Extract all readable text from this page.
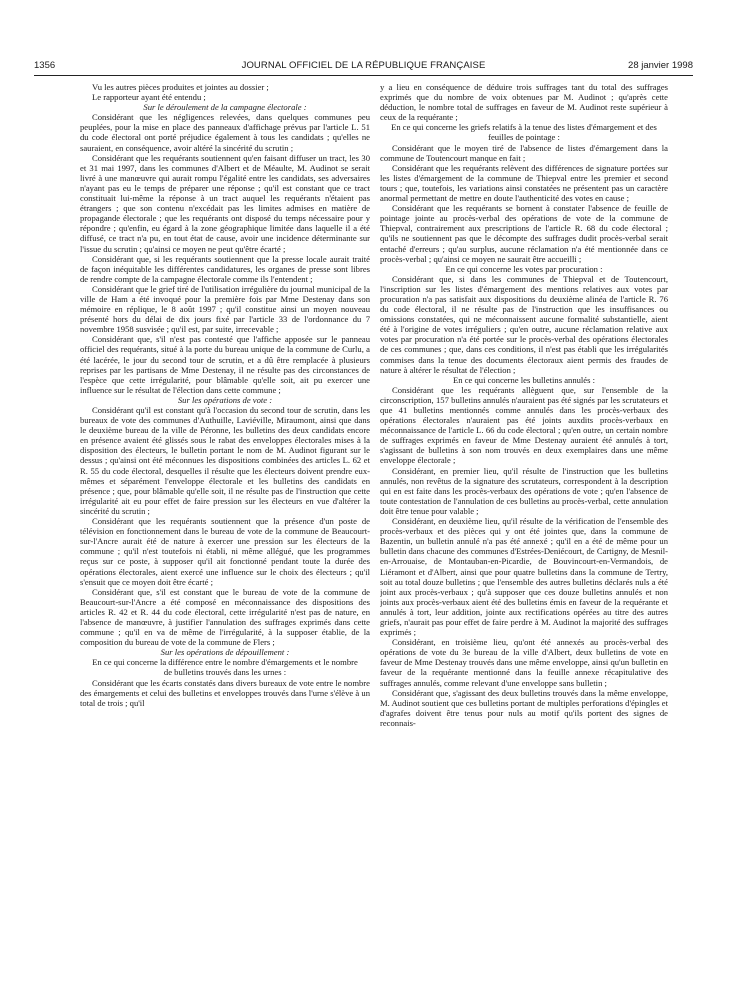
1356	JOURNAL OFFICIEL DE LA RÉPUBLIQUE FRANÇAISE	28 janvier 1998

Vu les autres pièces produites et jointes au dossier ;

Le rapporteur ayant été entendu ;

Sur le déroulement de la campagne électorale :

Considérant que les négligences relevées, dans quelques communes peu peuplées, pour la mise en place des panneaux d'affichage prévus par l'article L. 51 du code électoral ont porté préjudice également à tous les candidats ; qu'elles ne sauraient, en conséquence, avoir altéré la sincérité du scrutin ;

Considérant que les requérants soutiennent qu'en faisant diffuser un tract, les 30 et 31 mai 1997, dans les communes d'Albert et de Méaulte, M. Audinot se serait livré à une manœuvre qui aurait rompu l'égalité entre les candidats, ses adversaires n'ayant pas eu le temps de préparer une réponse ; qu'il est constant que ce tract constituait lui-même la réponse à un tract auquel les requérants n'étaient pas étrangers ; que son contenu n'excédait pas les limites admises en matière de propagande électorale ; que les requérants ont disposé du temps nécessaire pour y répondre ; qu'enfin, eu égard à la zone géographique limitée dans laquelle il a été diffusé, ce tract n'a pu, en tout état de cause, avoir une incidence déterminante sur l'issue du scrutin ; qu'ainsi ce moyen ne peut qu'être écarté ;

Considérant que, si les requérants soutiennent que la presse locale aurait traité de façon inéquitable les différentes candidatures, les organes de presse sont libres de rendre compte de la campagne électorale comme ils l'entendent ;

Considérant que le grief tiré de l'utilisation irrégulière du journal municipal de la ville de Ham a été invoqué pour la première fois par Mme Destenay dans son mémoire en réplique, le 8 août 1997 ; qu'il constitue ainsi un moyen nouveau présenté hors du délai de dix jours fixé par l'article 33 de l'ordonnance du 7 novembre 1958 susvisée ; qu'il est, par suite, irrecevable ;

Considérant que, s'il n'est pas contesté que l'affiche apposée sur le panneau officiel des requérants, situé à la porte du bureau unique de la commune de Curlu, a été lacérée, le jour du second tour de scrutin, et a dû être remplacée à plusieurs reprises par les partisans de Mme Destenay, il ne résulte pas des circonstances de l'espèce que cette irrégularité, pour blâmable qu'elle soit, ait pu exercer une influence sur le résultat de l'élection dans cette commune ;

Sur les opérations de vote :

Considérant qu'il est constant qu'à l'occasion du second tour de scrutin, dans les bureaux de vote des communes d'Authuille, Laviéville, Miraumont, ainsi que dans le deuxième bureau de la ville de Péronne, les bulletins des deux candidats encore en présence avaient été glissés sous le rabat des enveloppes électorales mises à la disposition des électeurs, le bulletin portant le nom de M. Audinot figurant sur le dessus ; qu'ainsi ont été méconnues les dispositions combinées des articles L. 62 et R. 55 du code électoral, desquelles il résulte que les électeurs doivent prendre eux-mêmes et séparément l'enveloppe électorale et les bulletins des candidats en présence ; que, pour blâmable qu'elle soit, il ne résulte pas de l'instruction que cette irrégularité ait eu pour effet de faire pression sur les électeurs en vue d'altérer la sincérité du scrutin ;

Considérant que les requérants soutiennent que la présence d'un poste de télévision en fonctionnement dans le bureau de vote de la commune de Beaucourt-sur-l'Ancre aurait été de nature à exercer une pression sur les électeurs de la commune ; qu'il n'est toutefois ni établi, ni même allégué, que les programmes reçus sur ce poste, à supposer qu'il ait fonctionné pendant toute la durée des opérations électorales, aient exercé une influence sur le choix des électeurs ; qu'il s'ensuit que ce moyen doit être écarté ;

Considérant que, s'il est constant que le bureau de vote de la commune de Beaucourt-sur-l'Ancre a été composé en méconnaissance des dispositions des articles R. 42 et R. 44 du code électoral, cette irrégularité n'est pas de nature, en l'absence de manœuvre, à justifier l'annulation des suffrages exprimés dans cette commune ; qu'il en va de même de l'irrégularité, à la supposer établie, de la composition du bureau de vote de la commune de Flers ;

Sur les opérations de dépouillement :

En ce qui concerne la différence entre le nombre d'émargements et le nombre de bulletins trouvés dans les urnes :

Considérant que les écarts constatés dans divers bureaux de vote entre le nombre des émargements et celui des bulletins et enveloppes trouvés dans l'urne s'élève à un total de trois ; qu'il

y a lieu en conséquence de déduire trois suffrages tant du total des suffrages exprimés que du nombre de voix obtenues par M. Audinot ; qu'après cette déduction, le nombre total de suffrages en faveur de M. Audinot reste supérieur à ceux de la requérante ;

En ce qui concerne les griefs relatifs à la tenue des listes d'émargement et des feuilles de pointage :

Considérant que le moyen tiré de l'absence de listes d'émargement dans la commune de Toutencourt manque en fait ;

Considérant que les requérants relèvent des différences de signature portées sur les listes d'émargement de la commune de Thiepval entre les premier et second tours ; que, toutefois, les variations ainsi constatées ne présentent pas un caractère anormal permettant de mettre en doute l'authenticité des votes en cause ;

Considérant que les requérants se bornent à constater l'absence de feuille de pointage jointe au procès-verbal des opérations de vote de la commune de Thiepval, contrairement aux prescriptions de l'article R. 68 du code électoral ; qu'ils ne soutiennent pas que le décompte des suffrages dudit procès-verbal serait entaché d'erreurs ; qu'au surplus, aucune réclamation n'a été mentionnée dans ce procès-verbal ; qu'ainsi ce moyen ne saurait être accueilli ;

En ce qui concerne les votes par procuration :

Considérant que, si dans les communes de Thiepval et de Toutencourt, l'inscription sur les listes d'émargement des mentions relatives aux votes par procuration n'a pas satisfait aux dispositions du deuxième alinéa de l'article R. 76 du code électoral, il ne résulte pas de l'instruction que les insuffisances ou omissions constatées, qui ne méconnaissent aucune formalité substantielle, aient été à l'origine de votes irréguliers ; qu'en outre, aucune réclamation relative aux votes par procuration n'a été portée sur le procès-verbal des opérations électorales de ces communes ; que, dans ces conditions, il n'est pas établi que les irrégularités commises dans la tenue des documents électoraux aient permis des fraudes de nature à altérer le résultat de l'élection ;

En ce qui concerne les bulletins annulés :

Considérant que les requérants allèguent que, sur l'ensemble de la circonscription, 157 bulletins annulés n'auraient pas été signés par les scrutateurs et que 41 bulletins mentionnés comme annulés dans les procès-verbaux des opérations électorales n'auraient pas été joints auxdits procès-verbaux en méconnaissance de l'article L. 66 du code électoral ; qu'en outre, un certain nombre de suffrages exprimés en faveur de Mme Destenay auraient été annulés à tort, s'agissant de bulletins à son nom trouvés en deux exemplaires dans une même enveloppe électorale ;

Considérant, en premier lieu, qu'il résulte de l'instruction que les bulletins annulés, non revêtus de la signature des scrutateurs, correspondent à la description qui en est faite dans les procès-verbaux des opérations de vote ; qu'en l'absence de toute contestation de l'annulation de ces bulletins au procès-verbal, cette annulation doit être tenue pour valable ;

Considérant, en deuxième lieu, qu'il résulte de la vérification de l'ensemble des procès-verbaux et des pièces qui y ont été jointes que, dans la commune de Bazentin, un bulletin annulé n'a pas été annexé ; qu'il en a été de même pour un bulletin dans chacune des communes d'Estrées-Deniécourt, de Cartigny, de Mesnil-en-Arrouaise, de Montauban-en-Picardie, de Bouvincourt-en-Vermandois, de Liéramont et d'Albert, ainsi que pour quatre bulletins dans la commune de Tertry, soit au total douze bulletins ; que l'ensemble des autres bulletins déclarés nuls a été joint aux procès-verbaux ; qu'à supposer que ces douze bulletins annulés et non joints aux procès-verbaux aient été des bulletins émis en faveur de la requérante et annulés à tort, leur addition, jointe aux rectifications opérées au titre des autres griefs, n'aurait pas pour effet de faire perdre à M. Audinot la majorité des suffrages exprimés ;

Considérant, en troisième lieu, qu'ont été annexés au procès-verbal des opérations de vote du 3e bureau de la ville d'Albert, deux bulletins de vote en faveur de Mme Destenay trouvés dans une même enveloppe, ainsi qu'un bulletin en faveur de la requérante mentionné dans la feuille annexe récapitulative des suffrages annulés, comme relevant d'une enveloppe sans bulletin ;

Considérant que, s'agissant des deux bulletins trouvés dans la même enveloppe, M. Audinot soutient que ces bulletins portant de multiples perforations d'épingles et d'agrafes doivent être tenus pour nuls au motif qu'ils portent des signes de reconnais-
